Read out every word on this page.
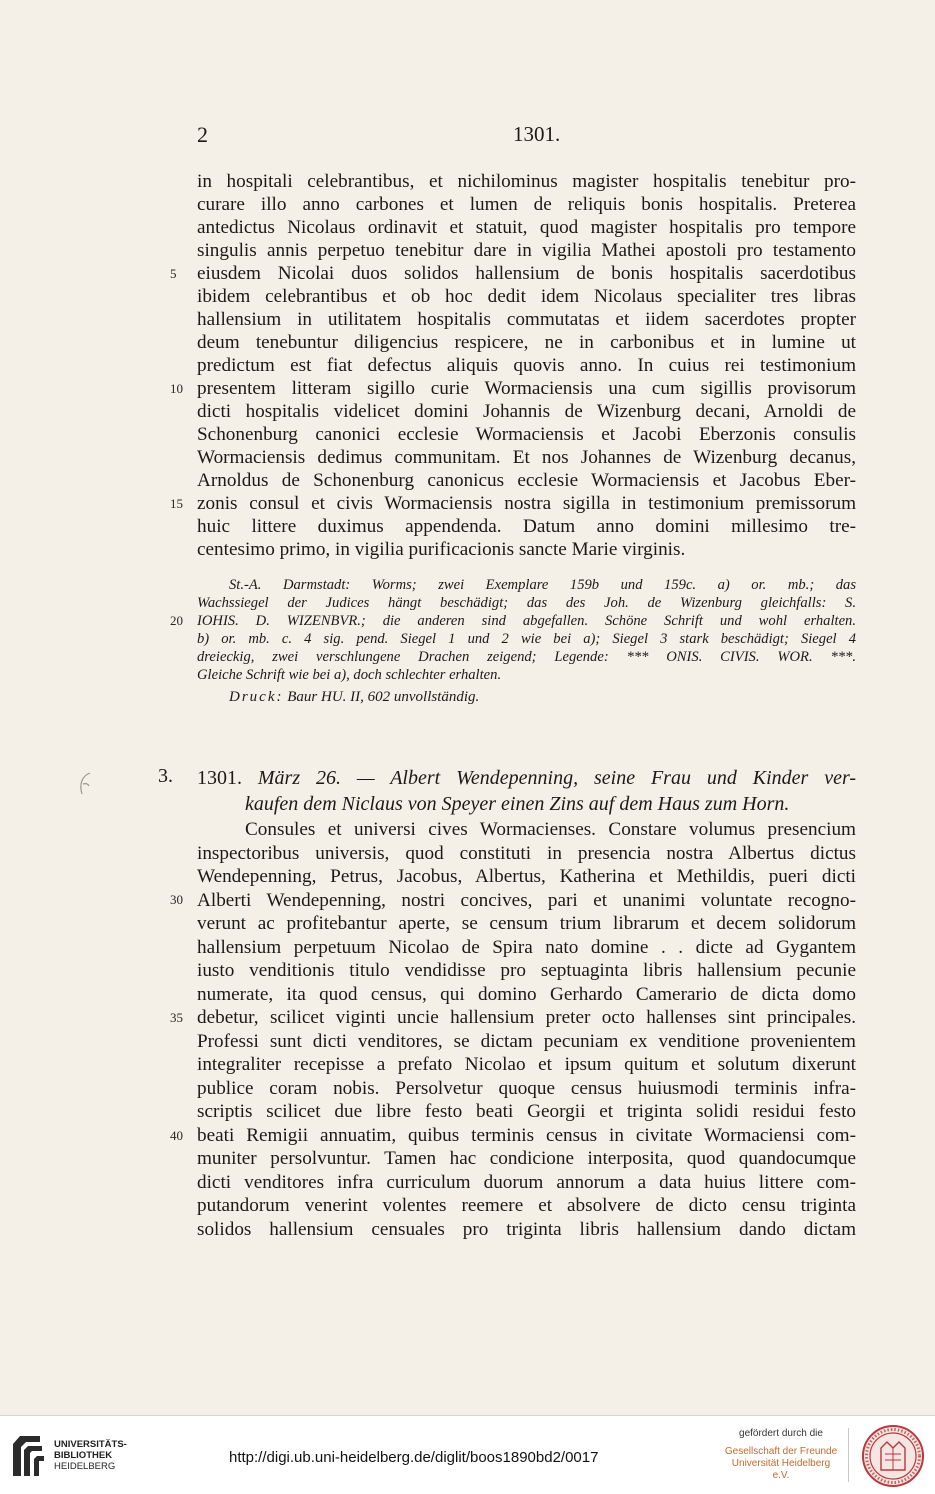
2	1301.
in hospitali celebrantibus, et nichilominus magister hospitalis tenebitur pro-
curare illo anno carbones et lumen de reliquis bonis hospitalis. Preterea
antedictus Nicolaus ordinavit et statuit, quod magister hospitalis pro tempore
singulis annis perpetuo tenebitur dare in vigilia Mathei apostoli pro testamento
eiusdem Nicolai duos solidos hallensium de bonis hospitalis sacerdotibus
ibidem celebrantibus et ob hoc dedit idem Nicolaus specialiter tres libras
hallensium in utilitatem hospitalis commutatas et iidem sacerdotes propter
deum tenebuntur diligencius respicere, ne in carbonibus et in lumine ut
predictum est fiat defectus aliquis quovis anno. In cuius rei testimonium
presentem litteram sigillo curie Wormaciensis una cum sigillis provisorum
dicti hospitalis videlicet domini Johannis de Wizenburg decani, Arnoldi de
Schonenburg canonici ecclesie Wormaciensis et Jacobi Eberzonis consulis
Wormaciensis dedimus communitam. Et nos Johannes de Wizenburg decanus,
Arnoldus de Schonenburg canonicus ecclesie Wormaciensis et Jacobus Eber-
zonis consul et civis Wormaciensis nostra sigilla in testimonium premissorum
huic littere duximus appendenda. Datum anno domini millesimo tre-
centesimo primo, in vigilia purificacionis sancte Marie virginis.
5
10
15
St.-A. Darmstadt: Worms; zwei Exemplare 159b und 159c. a) or. mb.; das
Wachssiegel der Judices hängt beschädigt; das des Joh. de Wizenburg gleichfalls: S.
IOHIS. D. WIZENBVR.; die anderen sind abgefallen. Schöne Schrift und wohl erhalten.
b) or. mb. c. 4 sig. pend. Siegel 1 und 2 wie bei a); Siegel 3 stark beschädigt; Siegel 4
dreieckig, zwei verschlungene Drachen zeigend; Legende: *** ONIS. CIVIS. WOR. ***.
Gleiche Schrift wie bei a), doch schlechter erhalten.
20
Druck: Baur HU. II, 602 unvollständig.
3. 1301. März 26. — Albert Wendepenning, seine Frau und Kinder ver-
kaufen dem Niclaus von Speyer einen Zins auf dem Haus zum Horn.
Consules et universi cives Wormacienses. Constare volumus presencium
inspectoribus universis, quod constituti in presencia nostra Albertus dictus
Wendepenning, Petrus, Jacobus, Albertus, Katherina et Methildis, pueri dicti
Alberti Wendepenning, nostri concives, pari et unanimi voluntate recogno-
verunt ac profitebantur aperte, se censum trium librarum et decem solidorum
hallensium perpetuum Nicolao de Spira nato domine . . dicte ad Gygantem
iusto venditionis titulo vendidisse pro septuaginta libris hallensium pecunie
numerate, ita quod census, qui domino Gerhardo Camerario de dicta domo
debetur, scilicet viginti uncie hallensium preter octo hallenses sint principales.
Professi sunt dicti venditores, se dictam pecuniam ex venditione provenientem
integraliter recepisse a prefato Nicolao et ipsum quitum et solutum dixerunt
publice coram nobis. Persolvetur quoque census huiusmodi terminis infra-
scriptis scilicet due libre festo beati Georgii et triginta solidi residui festo
beati Remigii annuatim, quibus terminis census in civitate Wormaciensi com-
muniter persolvuntur. Tamen hac condicione interposita, quod quandocumque
dicti venditores infra curriculum duorum annorum a data huius littere com-
putandorum venerint volentes reemere et absolvere de dicto censu triginta
solidos hallensium censuales pro triginta libris hallensium dando dictam
30
35
40
UNIVERSITÄTS-
BIBLIOTHEK
HEIDELBERG
http://digi.ub.uni-heidelberg.de/diglit/boos1890bd2/0017
gefördert durch die
Gesellschaft der Freunde
Universität Heidelberg e.V.
